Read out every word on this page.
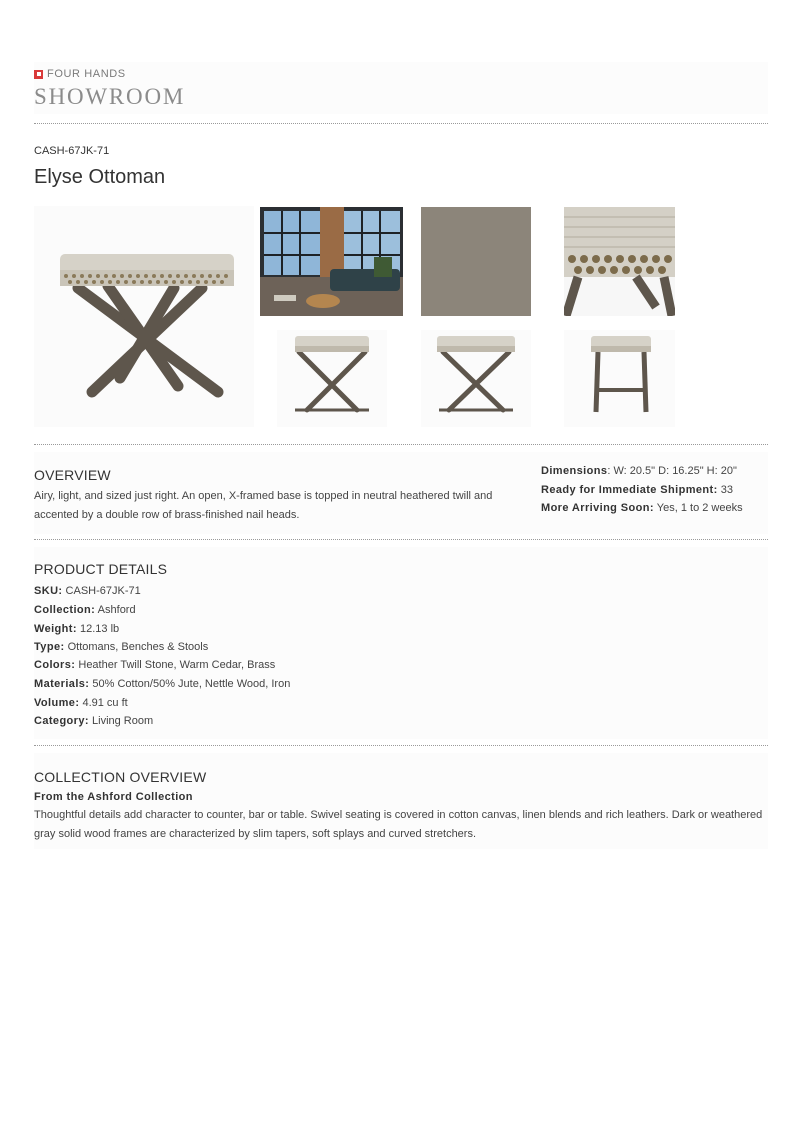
FOUR HANDS
SHOWROOM
CASH-67JK-71
Elyse Ottoman
OVERVIEW
Airy, light, and sized just right. An open, X-framed base is topped in neutral heathered twill and
accented by a double row of brass-finished nail heads.
Dimensions: W: 20.5" D: 16.25" H: 20"
Ready for Immediate Shipment: 33
More Arriving Soon: Yes, 1 to 2 weeks
PRODUCT DETAILS
SKU: CASH-67JK-71
Collection: Ashford
Weight: 12.13 lb
Type: Ottomans, Benches & Stools
Colors: Heather Twill Stone, Warm Cedar, Brass
Materials: 50% Cotton/50% Jute, Nettle Wood, Iron
Volume: 4.91 cu ft
Category: Living Room
COLLECTION OVERVIEW
From the Ashford Collection
Thoughtful details add character to counter, bar or table. Swivel seating is covered in cotton canvas, linen blends and rich leathers. Dark or weathered
gray solid wood frames are characterized by slim tapers, soft splays and curved stretchers.
